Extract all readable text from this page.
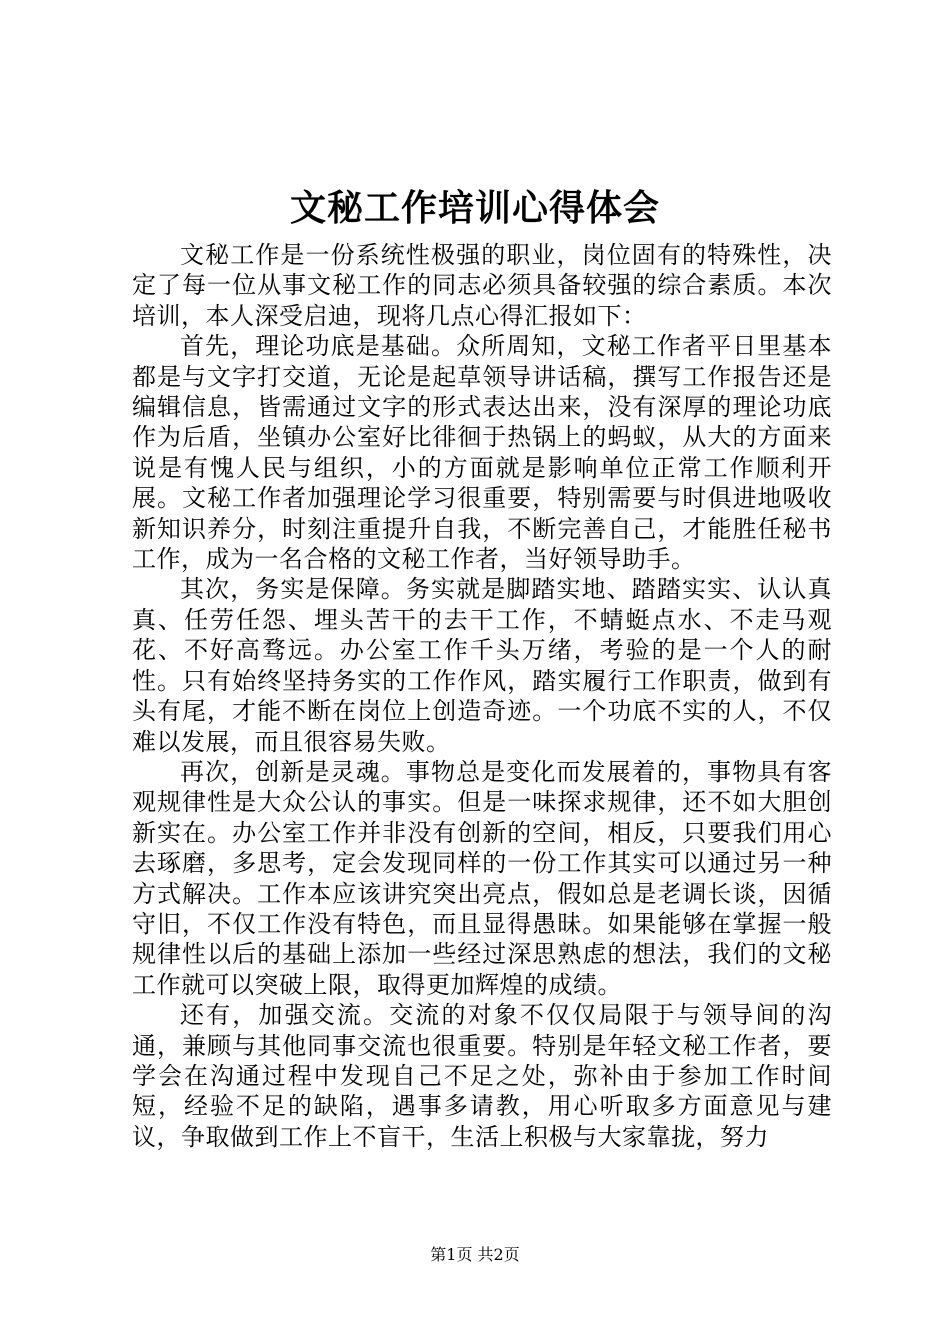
文秘工作培训心得体会

文秘工作是一份系统性极强的职业，岗位固有的特殊性，决定了每一位从事文秘工作的同志必须具备较强的综合素质。本次培训，本人深受启迪，现将几点心得汇报如下：

首先，理论功底是基础。众所周知，文秘工作者平日里基本都是与文字打交道，无论是起草领导讲话稿，撰写工作报告还是编辑信息，皆需通过文字的形式表达出来，没有深厚的理论功底作为后盾，坐镇办公室好比徘徊于热锅上的蚂蚁，从大的方面来说是有愧人民与组织，小的方面就是影响单位正常工作顺利开展。文秘工作者加强理论学习很重要，特别需要与时俱进地吸收新知识养分，时刻注重提升自我，不断完善自己，才能胜任秘书工作，成为一名合格的文秘工作者，当好领导助手。

其次，务实是保障。务实就是脚踏实地、踏踏实实、认认真真、任劳任怨、埋头苦干的去干工作，不蜻蜓点水、不走马观花、不好高骛远。办公室工作千头万绪，考验的是一个人的耐性。只有始终坚持务实的工作作风，踏实履行工作职责，做到有头有尾，才能不断在岗位上创造奇迹。一个功底不实的人，不仅难以发展，而且很容易失败。

再次，创新是灵魂。事物总是变化而发展着的，事物具有客观规律性是大众公认的事实。但是一味探求规律，还不如大胆创新实在。办公室工作并非没有创新的空间，相反，只要我们用心去琢磨，多思考，定会发现同样的一份工作其实可以通过另一种方式解决。工作本应该讲究突出亮点，假如总是老调长谈，因循守旧，不仅工作没有特色，而且显得愚昧。如果能够在掌握一般规律性以后的基础上添加一些经过深思熟虑的想法，我们的文秘工作就可以突破上限，取得更加辉煌的成绩。

还有，加强交流。交流的对象不仅仅局限于与领导间的沟通，兼顾与其他同事交流也很重要。特别是年轻文秘工作者，要学会在沟通过程中发现自己不足之处，弥补由于参加工作时间短，经验不足的缺陷，遇事多请教，用心听取多方面意见与建议，争取做到工作上不盲干，生活上积极与大家靠拢，努力

第1页 共2页
